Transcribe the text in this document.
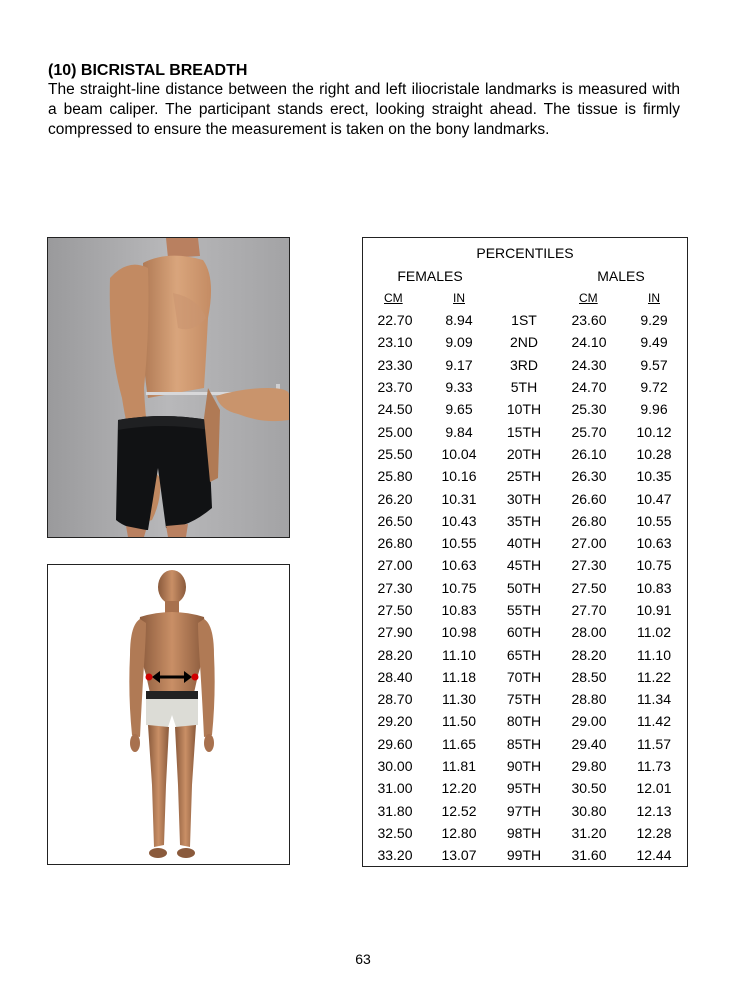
(10) BICRISTAL BREADTH
The straight-line distance between the right and left iliocristale landmarks is measured with a beam caliper. The participant stands erect, looking straight ahead. The tissue is firmly compressed to ensure the measurement is taken on the bony landmarks.
PERCENTILES
FEMALES	MALES
CM	IN	CM	IN
22.70	8.94	1ST	23.60	9.29
23.10	9.09	2ND	24.10	9.49
23.30	9.17	3RD	24.30	9.57
23.70	9.33	5TH	24.70	9.72
24.50	9.65	10TH	25.30	9.96
25.00	9.84	15TH	25.70	10.12
25.50	10.04	20TH	26.10	10.28
25.80	10.16	25TH	26.30	10.35
26.20	10.31	30TH	26.60	10.47
26.50	10.43	35TH	26.80	10.55
26.80	10.55	40TH	27.00	10.63
27.00	10.63	45TH	27.30	10.75
27.30	10.75	50TH	27.50	10.83
27.50	10.83	55TH	27.70	10.91
27.90	10.98	60TH	28.00	11.02
28.20	11.10	65TH	28.20	11.10
28.40	11.18	70TH	28.50	11.22
28.70	11.30	75TH	28.80	11.34
29.20	11.50	80TH	29.00	11.42
29.60	11.65	85TH	29.40	11.57
30.00	11.81	90TH	29.80	11.73
31.00	12.20	95TH	30.50	12.01
31.80	12.52	97TH	30.80	12.13
32.50	12.80	98TH	31.20	12.28
33.20	13.07	99TH	31.60	12.44
63
